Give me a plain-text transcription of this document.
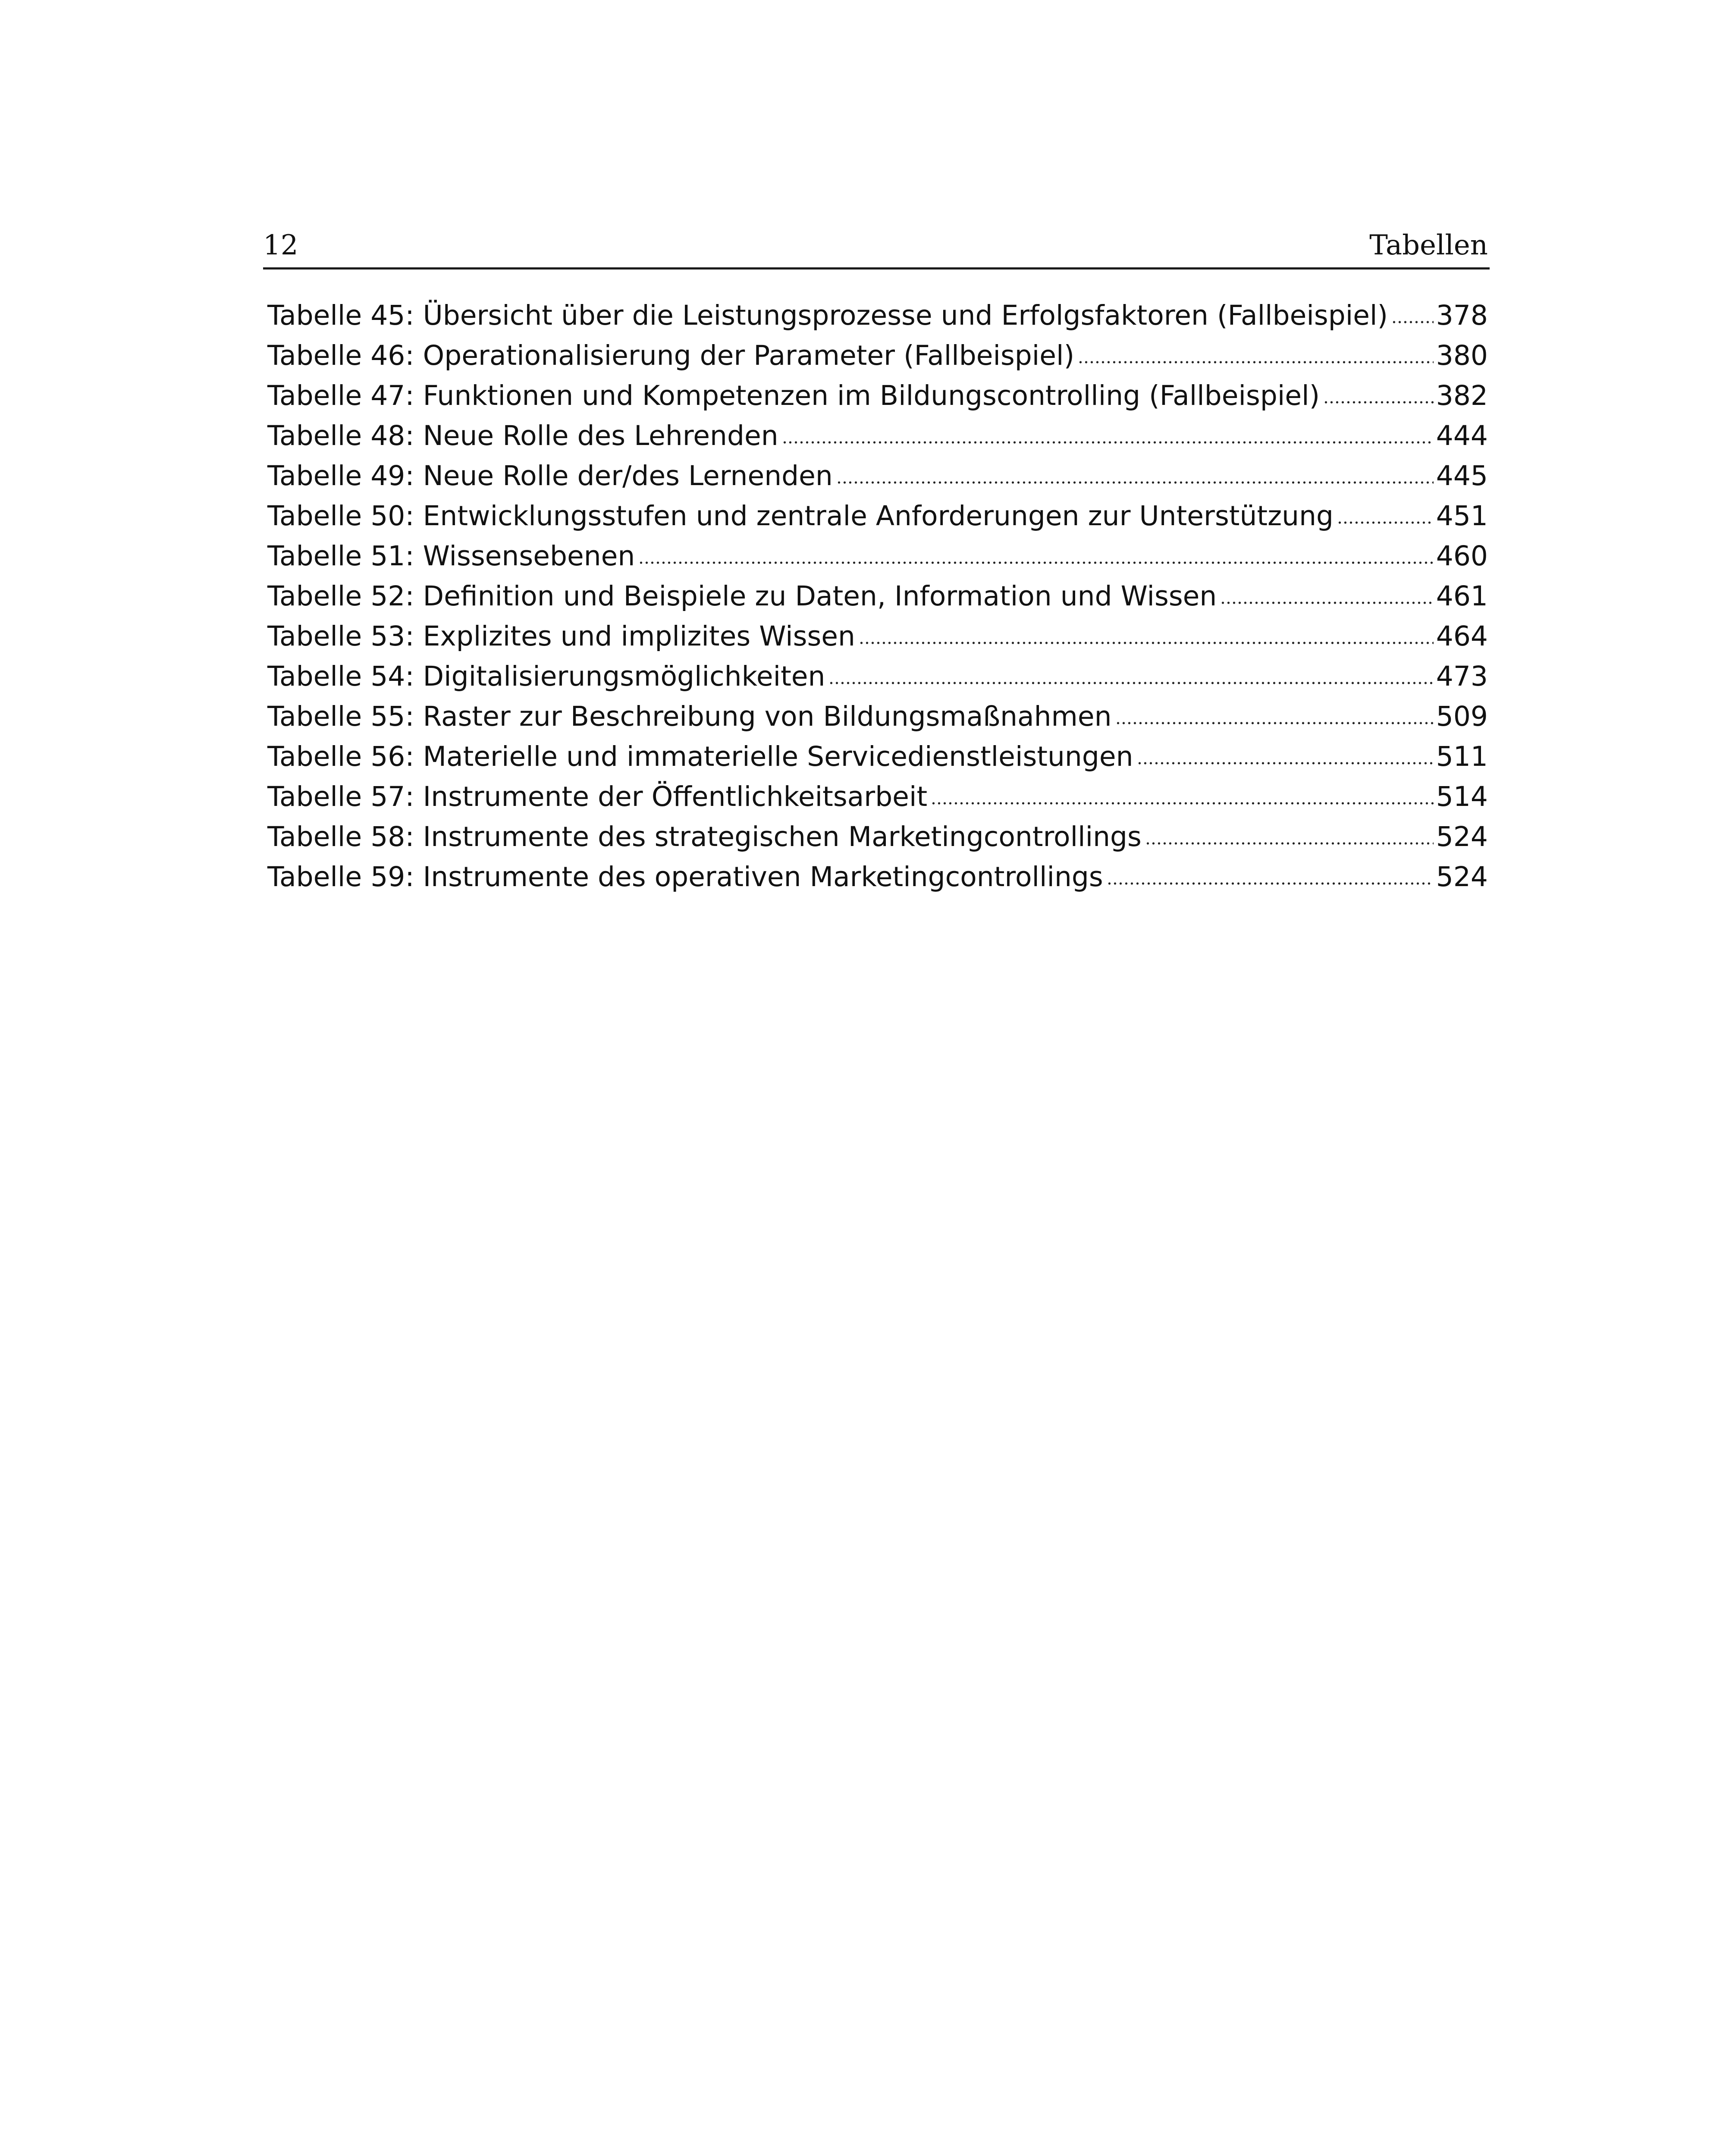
12	Tabellen
Tabelle 45: Übersicht über die Leistungsprozesse und Erfolgsfaktoren (Fallbeispiel) 378
Tabelle 46: Operationalisierung der Parameter (Fallbeispiel)	380
Tabelle 47: Funktionen und Kompetenzen im Bildungscontrolling (Fallbeispiel)	382
Tabelle 48: Neue Rolle des Lehrenden	444
Tabelle 49: Neue Rolle der/des Lernenden	445
Tabelle 50: Entwicklungsstufen und zentrale Anforderungen zur Unterstützung	451
Tabelle 51: Wissensebenen	460
Tabelle 52: Definition und Beispiele zu Daten, Information und Wissen	461
Tabelle 53: Explizites und implizites Wissen	464
Tabelle 54: Digitalisierungsmöglichkeiten	473
Tabelle 55: Raster zur Beschreibung von Bildungsmaßnahmen	509
Tabelle 56: Materielle und immaterielle Servicedienstleistungen	511
Tabelle 57: Instrumente der Öffentlichkeitsarbeit	514
Tabelle 58: Instrumente des strategischen Marketingcontrollings	524
Tabelle 59: Instrumente des operativen Marketingcontrollings	524
